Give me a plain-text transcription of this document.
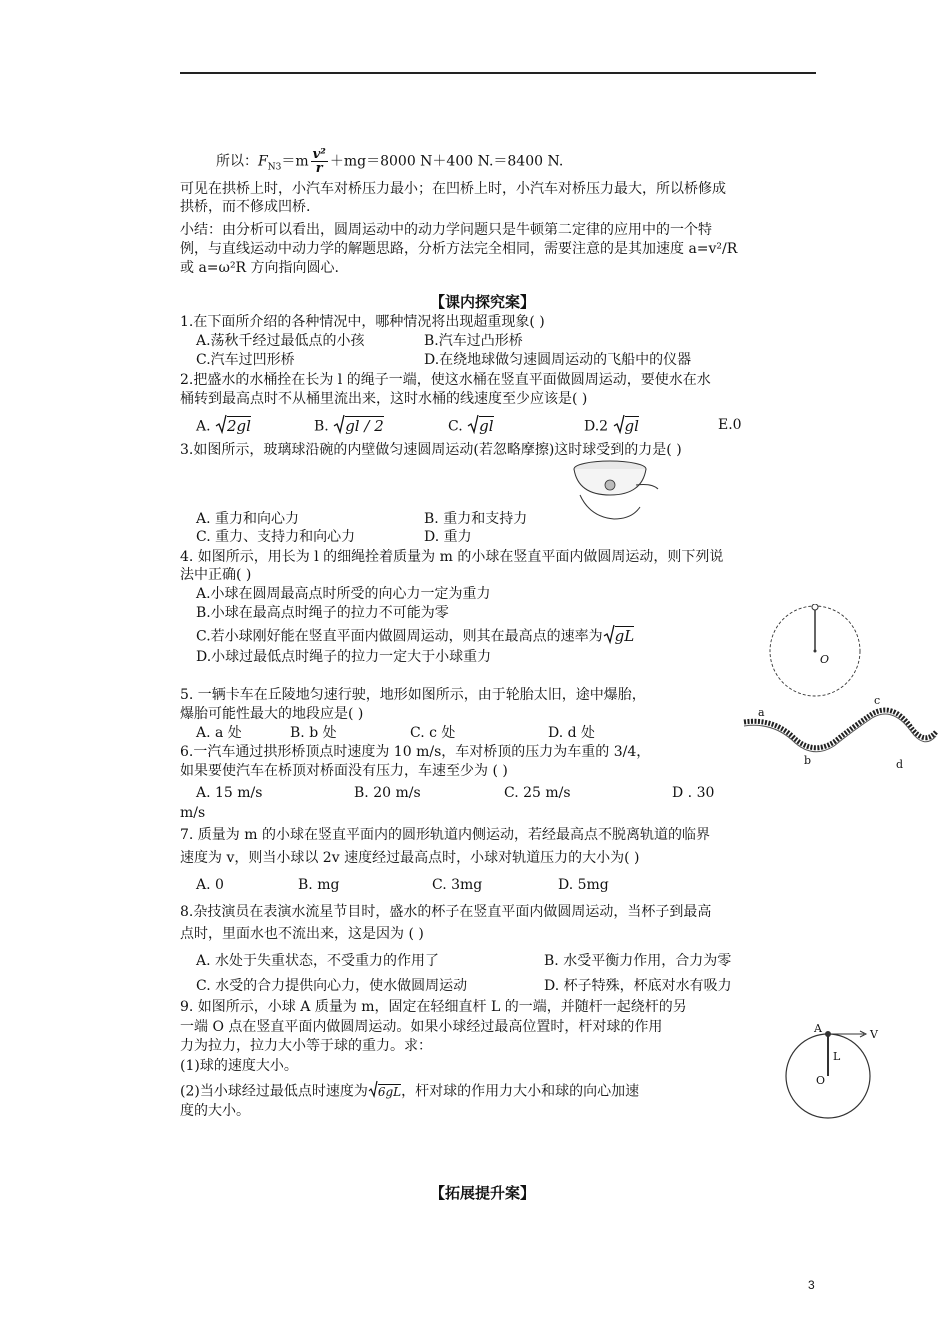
所以：$F_{N3}=m \frac{\text{v²}}{r} +mg=8000$ N＋400 N.＝8400 N.
可见在拱桥上时，小汽车对桥压力最小；在凹桥上时，小汽车对桥压力最大，所以桥修成
拱桥，而不修成凹桥.
小结：由分析可以看出，圆周运动中的动力学问题只是牛顿第二定律的应用中的一个特
例，与直线运动中动力学的解题思路，分析方法完全相同，需要注意的是其加速度 a=v²/R
或 a=ω²R 方向指向圆心.
【课内探究案】
1.在下面所介绍的各种情况中，哪种情况将出现超重现象( )
A.荡秋千经过最低点的小孩	B.汽车过凸形桥
C.汽车过凹形桥	D.在绕地球做匀速圆周运动的飞船中的仪器
2.把盛水的水桶拴在长为 l 的绳子一端，使这水桶在竖直平面做圆周运动，要使水在水
桶转到最高点时不从桶里流出来，这时水桶的线速度至少应该是( )
A. 2gl	B. gl / 2	C. gl	D.2 gl	E.0
3.如图所示，玻璃球沿碗的内壁做匀速圆周运动(若忽略摩擦)这时球受到的力是( )
A. 重力和向心力	B. 重力和支持力
C. 重力、支持力和向心力	D. 重力
4. 如图所示，用长为 l 的细绳拴着质量为 m 的小球在竖直平面内做圆周运动，则下列说
法中正确( )
A.小球在圆周最高点时所受的向心力一定为重力
B.小球在最高点时绳子的拉力不可能为零
C.若小球刚好能在竖直平面内做圆周运动，则其在最高点的速率为 gL
D.小球过最低点时绳子的拉力一定大于小球重力	O
5. 一辆卡车在丘陵地匀速行驶，地形如图所示，由于轮胎太旧，途中爆胎，
爆胎可能性最大的地段应是( )
A. a 处	B. b 处	C. c 处	D. d 处
a
b
c
d
6.一汽车通过拱形桥顶点时速度为 10 m/s，车对桥顶的压力为车重的 3/4，
如果要使汽车在桥顶对桥面没有压力，车速至少为 ( )
A. 15 m/s	B. 20 m/s	C. 25 m/s	D . 30
m/s
7. 质量为 m 的小球在竖直平面内的圆形轨道内侧运动，若经最高点不脱离轨道的临界
速度为 v，则当小球以 2v 速度经过最高点时，小球对轨道压力的大小为( )
A. 0	B. mg	C. 3mg	D. 5mg
8.杂技演员在表演水流星节目时，盛水的杯子在竖直平面内做圆周运动，当杯子到最高
点时，里面水也不流出来，这是因为 ( )
A. 水处于失重状态，不受重力的作用了	B. 水受平衡力作用，合力为零
C. 水受的合力提供向心力，使水做圆周运动	D. 杯子特殊，杯底对水有吸力
9. 如图所示，小球 A 质量为 m，固定在轻细直杆 L 的一端，并随杆一起绕杆的另
一端 O 点在竖直平面内做圆周运动。如果小球经过最高位置时，杆对球的作用
力为拉力，拉力大小等于球的重力。求：
(1)球的速度大小。
(2)当小球经过最低点时速度为 6gL，杆对球的作用力大小和球的向心加速
度的大小。
A	V
L
O
【拓展提升案】
3
